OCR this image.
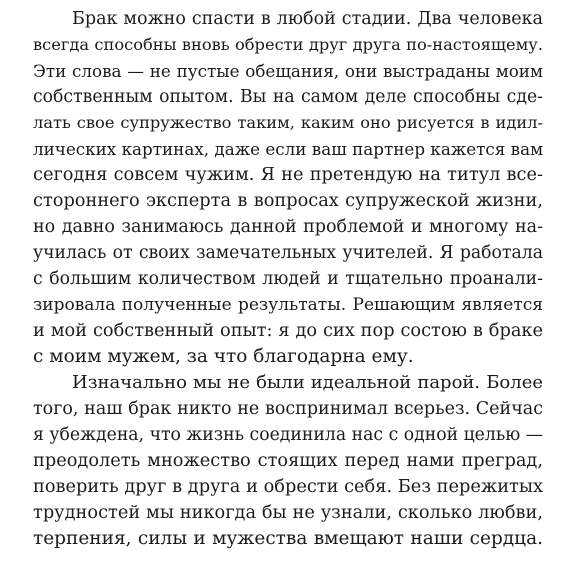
Брак можно спасти в любой стадии. Два человека
всегда способны вновь обрести друг друга по-настоящему.
Эти слова — не пустые обещания, они выстраданы моим
собственным опытом. Вы на самом деле способны сде-
лать свое супружество таким, каким оно рисуется в идил-
лических картинах, даже если ваш партнер кажется вам
сегодня совсем чужим. Я не претендую на титул все-
стороннего эксперта в вопросах супружеской жизни,
но давно занимаюсь данной проблемой и многому на-
училась от своих замечательных учителей. Я работала
с большим количеством людей и тщательно проанали-
зировала полученные результаты. Решающим является
и мой собственный опыт: я до сих пор состою в браке
с моим мужем, за что благодарна ему.
Изначально мы не были идеальной парой. Более
того, наш брак никто не воспринимал всерьез. Сейчас
я убеждена, что жизнь соединила нас с одной целью —
преодолеть множество стоящих перед нами преград,
поверить друг в друга и обрести себя. Без пережитых
трудностей мы никогда бы не узнали, сколько любви,
терпения, силы и мужества вмещают наши сердца.
